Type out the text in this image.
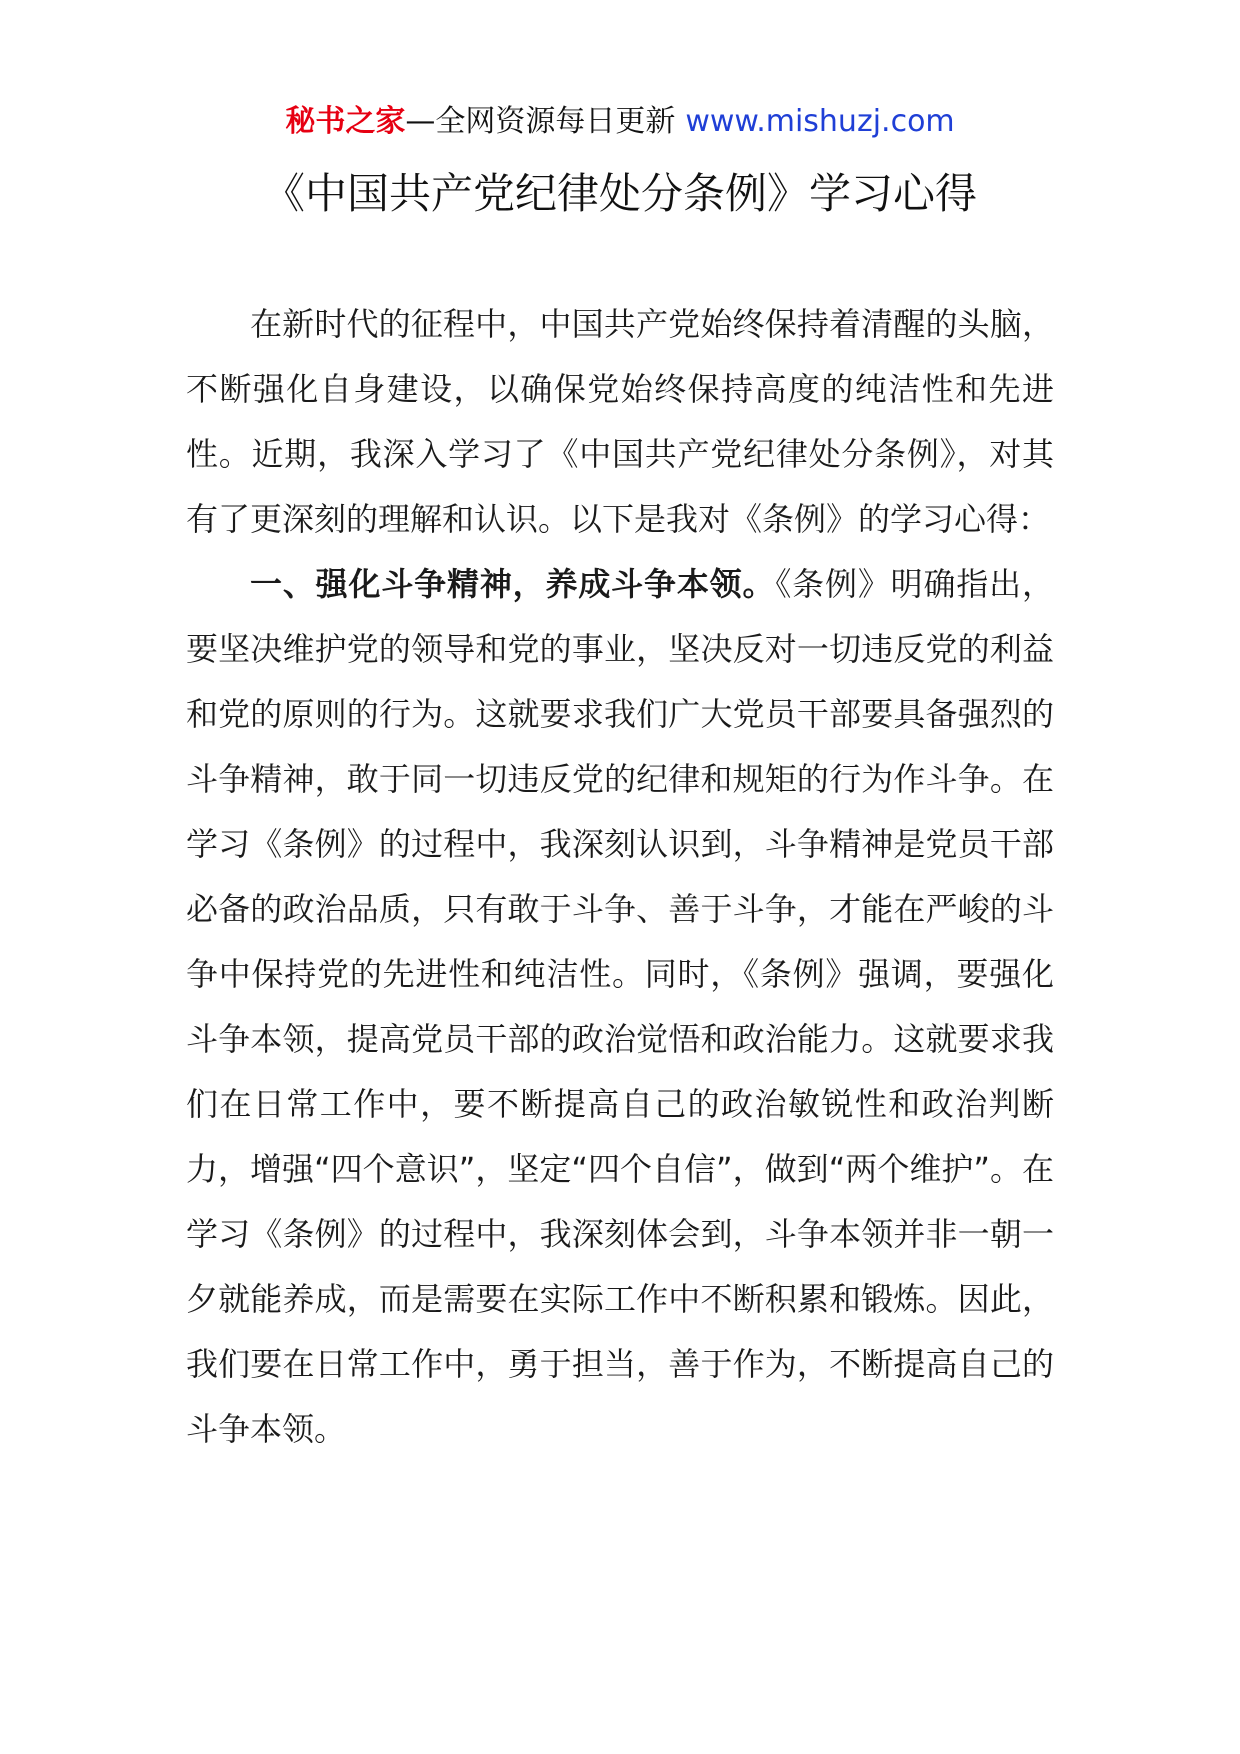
秘书之家—全网资源每日更新 www.mishuzj.com
《中国共产党纪律处分条例》学习心得

在新时代的征程中，中国共产党始终保持着清醒的头脑，不断强化自身建设，以确保党始终保持高度的纯洁性和先进性。近期，我深入学习了《中国共产党纪律处分条例》，对其有了更深刻的理解和认识。以下是我对《条例》的学习心得：

一、强化斗争精神，养成斗争本领。《条例》明确指出，要坚决维护党的领导和党的事业，坚决反对一切违反党的利益和党的原则的行为。这就要求我们广大党员干部要具备强烈的斗争精神，敢于同一切违反党的纪律和规矩的行为作斗争。在学习《条例》的过程中，我深刻认识到，斗争精神是党员干部必备的政治品质，只有敢于斗争、善于斗争，才能在严峻的斗争中保持党的先进性和纯洁性。同时，《条例》强调，要强化斗争本领，提高党员干部的政治觉悟和政治能力。这就要求我们在日常工作中，要不断提高自己的政治敏锐性和政治判断力，增强“四个意识”，坚定“四个自信”，做到“两个维护”。在学习《条例》的过程中，我深刻体会到，斗争本领并非一朝一夕就能养成，而是需要在实际工作中不断积累和锻炼。因此，我们要在日常工作中，勇于担当，善于作为，不断提高自己的斗争本领。
